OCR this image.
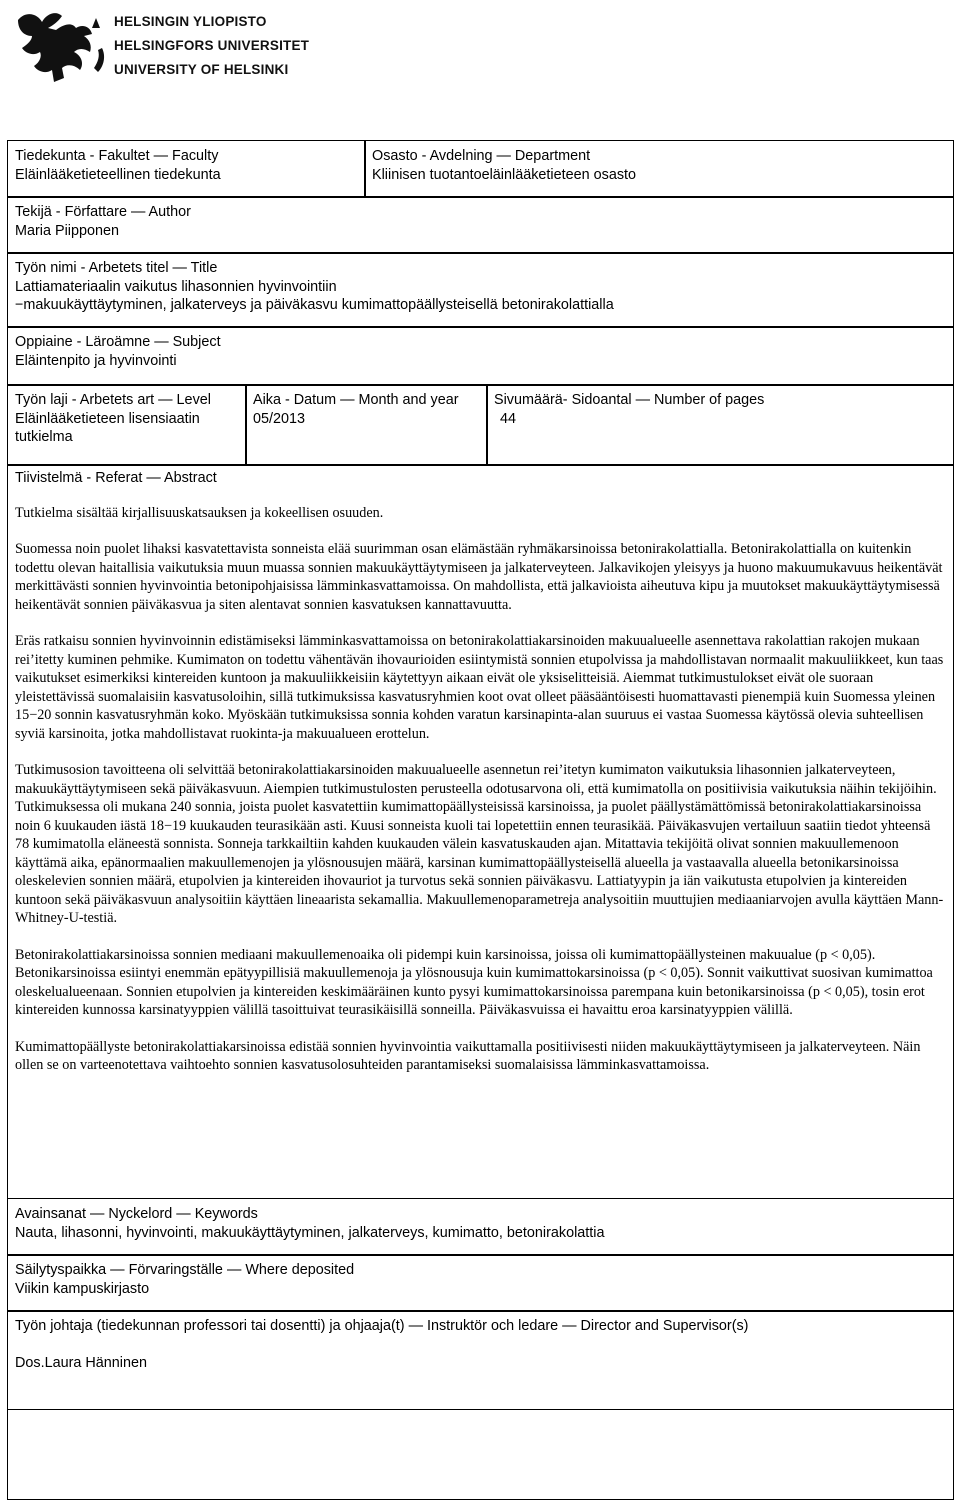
HELSINGIN YLIOPISTO
HELSINGFORS UNIVERSITET
UNIVERSITY OF HELSINKI
Tiedekunta - Fakultet — Faculty
Eläinlääketieteellinen tiedekunta
Osasto - Avdelning — Department
Kliinisen tuotantoeläinlääketieteen osasto
Tekijä - Författare — Author
Maria Piipponen
Työn nimi - Arbetets titel — Title
Lattiamateriaalin vaikutus lihasonnien hyvinvointiin
−makuukäyttäytyminen, jalkaterveys ja päiväkasvu kumimattopäällysteisellä betonirakolattialla
Oppiaine - Läroämne — Subject
Eläintenpito ja hyvinvointi
Työn laji - Arbetets art — Level
Eläinlääketieteen lisensiaatin
tutkielma
Aika - Datum — Month and year
05/2013
Sivumäärä- Sidoantal — Number of pages
44
Tiivistelmä - Referat — Abstract

Tutkielma sisältää kirjallisuuskatsauksen ja kokeellisen osuuden.

Suomessa noin puolet lihaksi kasvatettavista sonneista elää suurimman osan elämästään ryhmäkarsinoissa betonirakolattialla. Betonirakolattialla on kuitenkin todettu olevan haitallisia vaikutuksia muun muassa sonnien makuukäyttäytymiseen ja jalkaterveyteen. Jalkavikojen yleisyys ja huono makuumukavuus heikentävät merkittävästi sonnien hyvinvointia betonipohjaisissa lämminkasvattamoissa. On mahdollista, että jalkavioista aiheutuva kipu ja muutokset makuukäyttäytymisessä heikentävät sonnien päiväkasvua ja siten alentavat sonnien kasvatuksen kannattavuutta.

Eräs ratkaisu sonnien hyvinvoinnin edistämiseksi lämminkasvattamoissa on betonirakolattiakarsinoiden makuualueelle asennettava rakolattian rakojen mukaan rei’itetty kuminen pehmike. Kumimaton on todettu vähentävän ihovaurioiden esiintymistä sonnien etupolvissa ja mahdollistavan normaalit makuuliikkeet, kun taas vaikutukset esimerkiksi kintereiden kuntoon ja makuuliikkeisiin käytettyyn aikaan eivät ole yksiselitteisiä. Aiemmat tutkimustulokset eivät ole suoraan yleistettävissä suomalaisiin kasvatusoloihin, sillä tutkimuksissa kasvatusryhmien koot ovat olleet pääsääntöisesti huomattavasti pienempiä kuin Suomessa yleinen 15−20 sonnin kasvatusryhmän koko. Myöskään tutkimuksissa sonnia kohden varatun karsinapinta-alan suuruus ei vastaa Suomessa käytössä olevia suhteellisen syviä karsinoita, jotka mahdollistavat ruokinta-ja makuualueen erottelun.

Tutkimusosion tavoitteena oli selvittää betonirakolattiakarsinoiden makuualueelle asennetun rei’itetyn kumimaton vaikutuksia lihasonnien jalkaterveyteen, makuukäyttäytymiseen sekä päiväkasvuun. Aiempien tutkimustulosten perusteella odotusarvona oli, että kumimatolla on positiivisia vaikutuksia näihin tekijöihin. Tutkimuksessa oli mukana 240 sonnia, joista puolet kasvatettiin kumimattopäällysteisissä karsinoissa, ja puolet päällystämättömissä betonirakolattiakarsinoissa noin 6 kuukauden iästä 18−19 kuukauden teurasikään asti. Kuusi sonneista kuoli tai lopetettiin ennen teurasikää. Päiväkasvujen vertailuun saatiin tiedot yhteensä 78 kumimatolla eläneestä sonnista. Sonneja tarkkailtiin kahden kuukauden välein kasvatuskauden ajan. Mitattavia tekijöitä olivat sonnien makuullemenoon käyttämä aika, epänormaalien makuullemenojen ja ylösnousujen määrä, karsinan kumimattopäällysteisellä alueella ja vastaavalla alueella betonikarsinoissa oleskelevien sonnien määrä, etupolvien ja kintereiden ihovauriot ja turvotus sekä sonnien päiväkasvu. Lattiatyypin ja iän vaikutusta etupolvien ja kintereiden kuntoon sekä päiväkasvuun analysoitiin käyttäen lineaarista sekamallia. Makuullemenoparametreja analysoitiin muuttujien mediaaniarvojen avulla käyttäen Mann-Whitney-U-testiä.

Betonirakolattiakarsinoissa sonnien mediaani makuullemenoaika oli pidempi kuin karsinoissa, joissa oli kumimattopäällysteinen makuualue (p < 0,05). Betonikarsinoissa esiintyi enemmän epätyypillisiä makuullemenoja ja ylösnousuja kuin kumimattokarsinoissa (p < 0,05). Sonnit vaikuttivat suosivan kumimattoa oleskelualueenaan. Sonnien etupolvien ja kintereiden keskimääräinen kunto pysyi kumimattokarsinoissa parempana kuin betonikarsinoissa (p < 0,05), tosin erot kintereiden kunnossa karsinatyyppien välillä tasoittuivat teurasikäisillä sonneilla. Päiväkasvuissa ei havaittu eroa karsinatyyppien välillä.

Kumimattopäällyste betonirakolattiakarsinoissa edistää sonnien hyvinvointia vaikuttamalla positiivisesti niiden makuukäyttäytymiseen ja jalkaterveyteen. Näin ollen se on varteenotettava vaihtoehto sonnien kasvatusolosuhteiden parantamiseksi suomalaisissa lämminkasvattamoissa.

Avainsanat — Nyckelord — Keywords
Nauta, lihasonni, hyvinvointi, makuukäyttäytyminen, jalkaterveys, kumimatto, betonirakolattia
Säilytyspaikka — Förvaringställe — Where deposited
Viikin kampuskirjasto
Työn johtaja (tiedekunnan professori tai dosentti) ja ohjaaja(t) — Instruktör och ledare — Director and Supervisor(s)
Dos.Laura Hänninen
